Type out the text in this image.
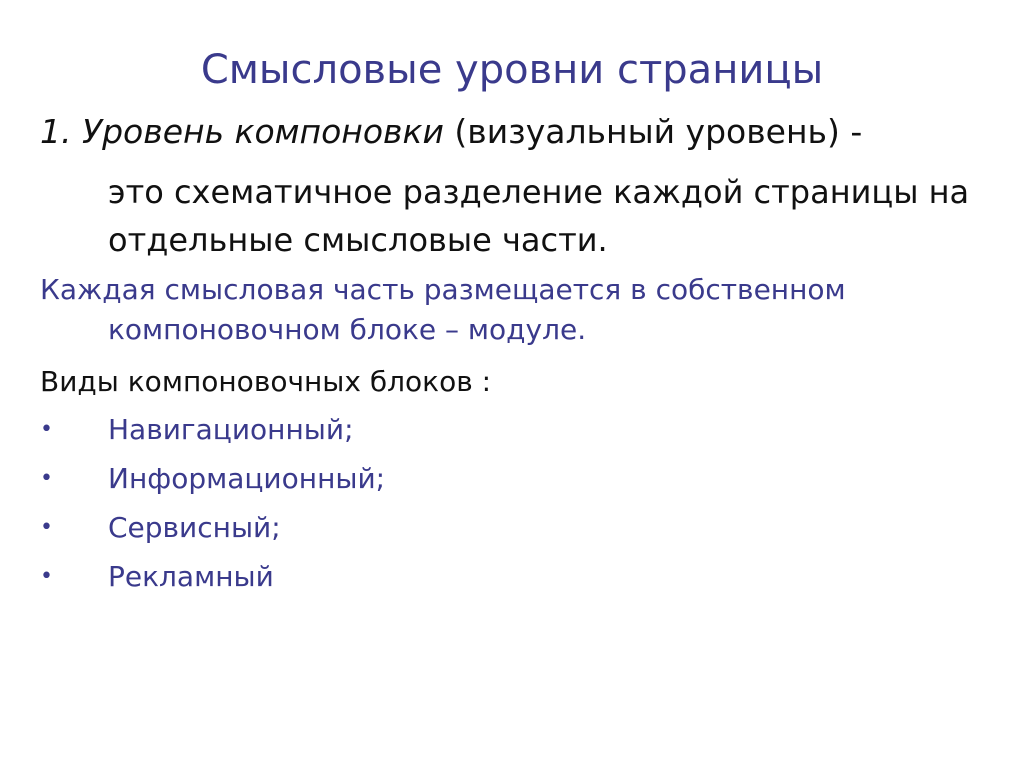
Смысловые уровни страницы
1. Уровень компоновки (визуальный уровень) -
это схематичное разделение каждой страницы на отдельные смысловые части.
Каждая смысловая часть размещается в собственном
компоновочном блоке – модуле.
Виды компоновочных блоков :
• Навигационный;
• Информационный;
• Сервисный;
• Рекламный
